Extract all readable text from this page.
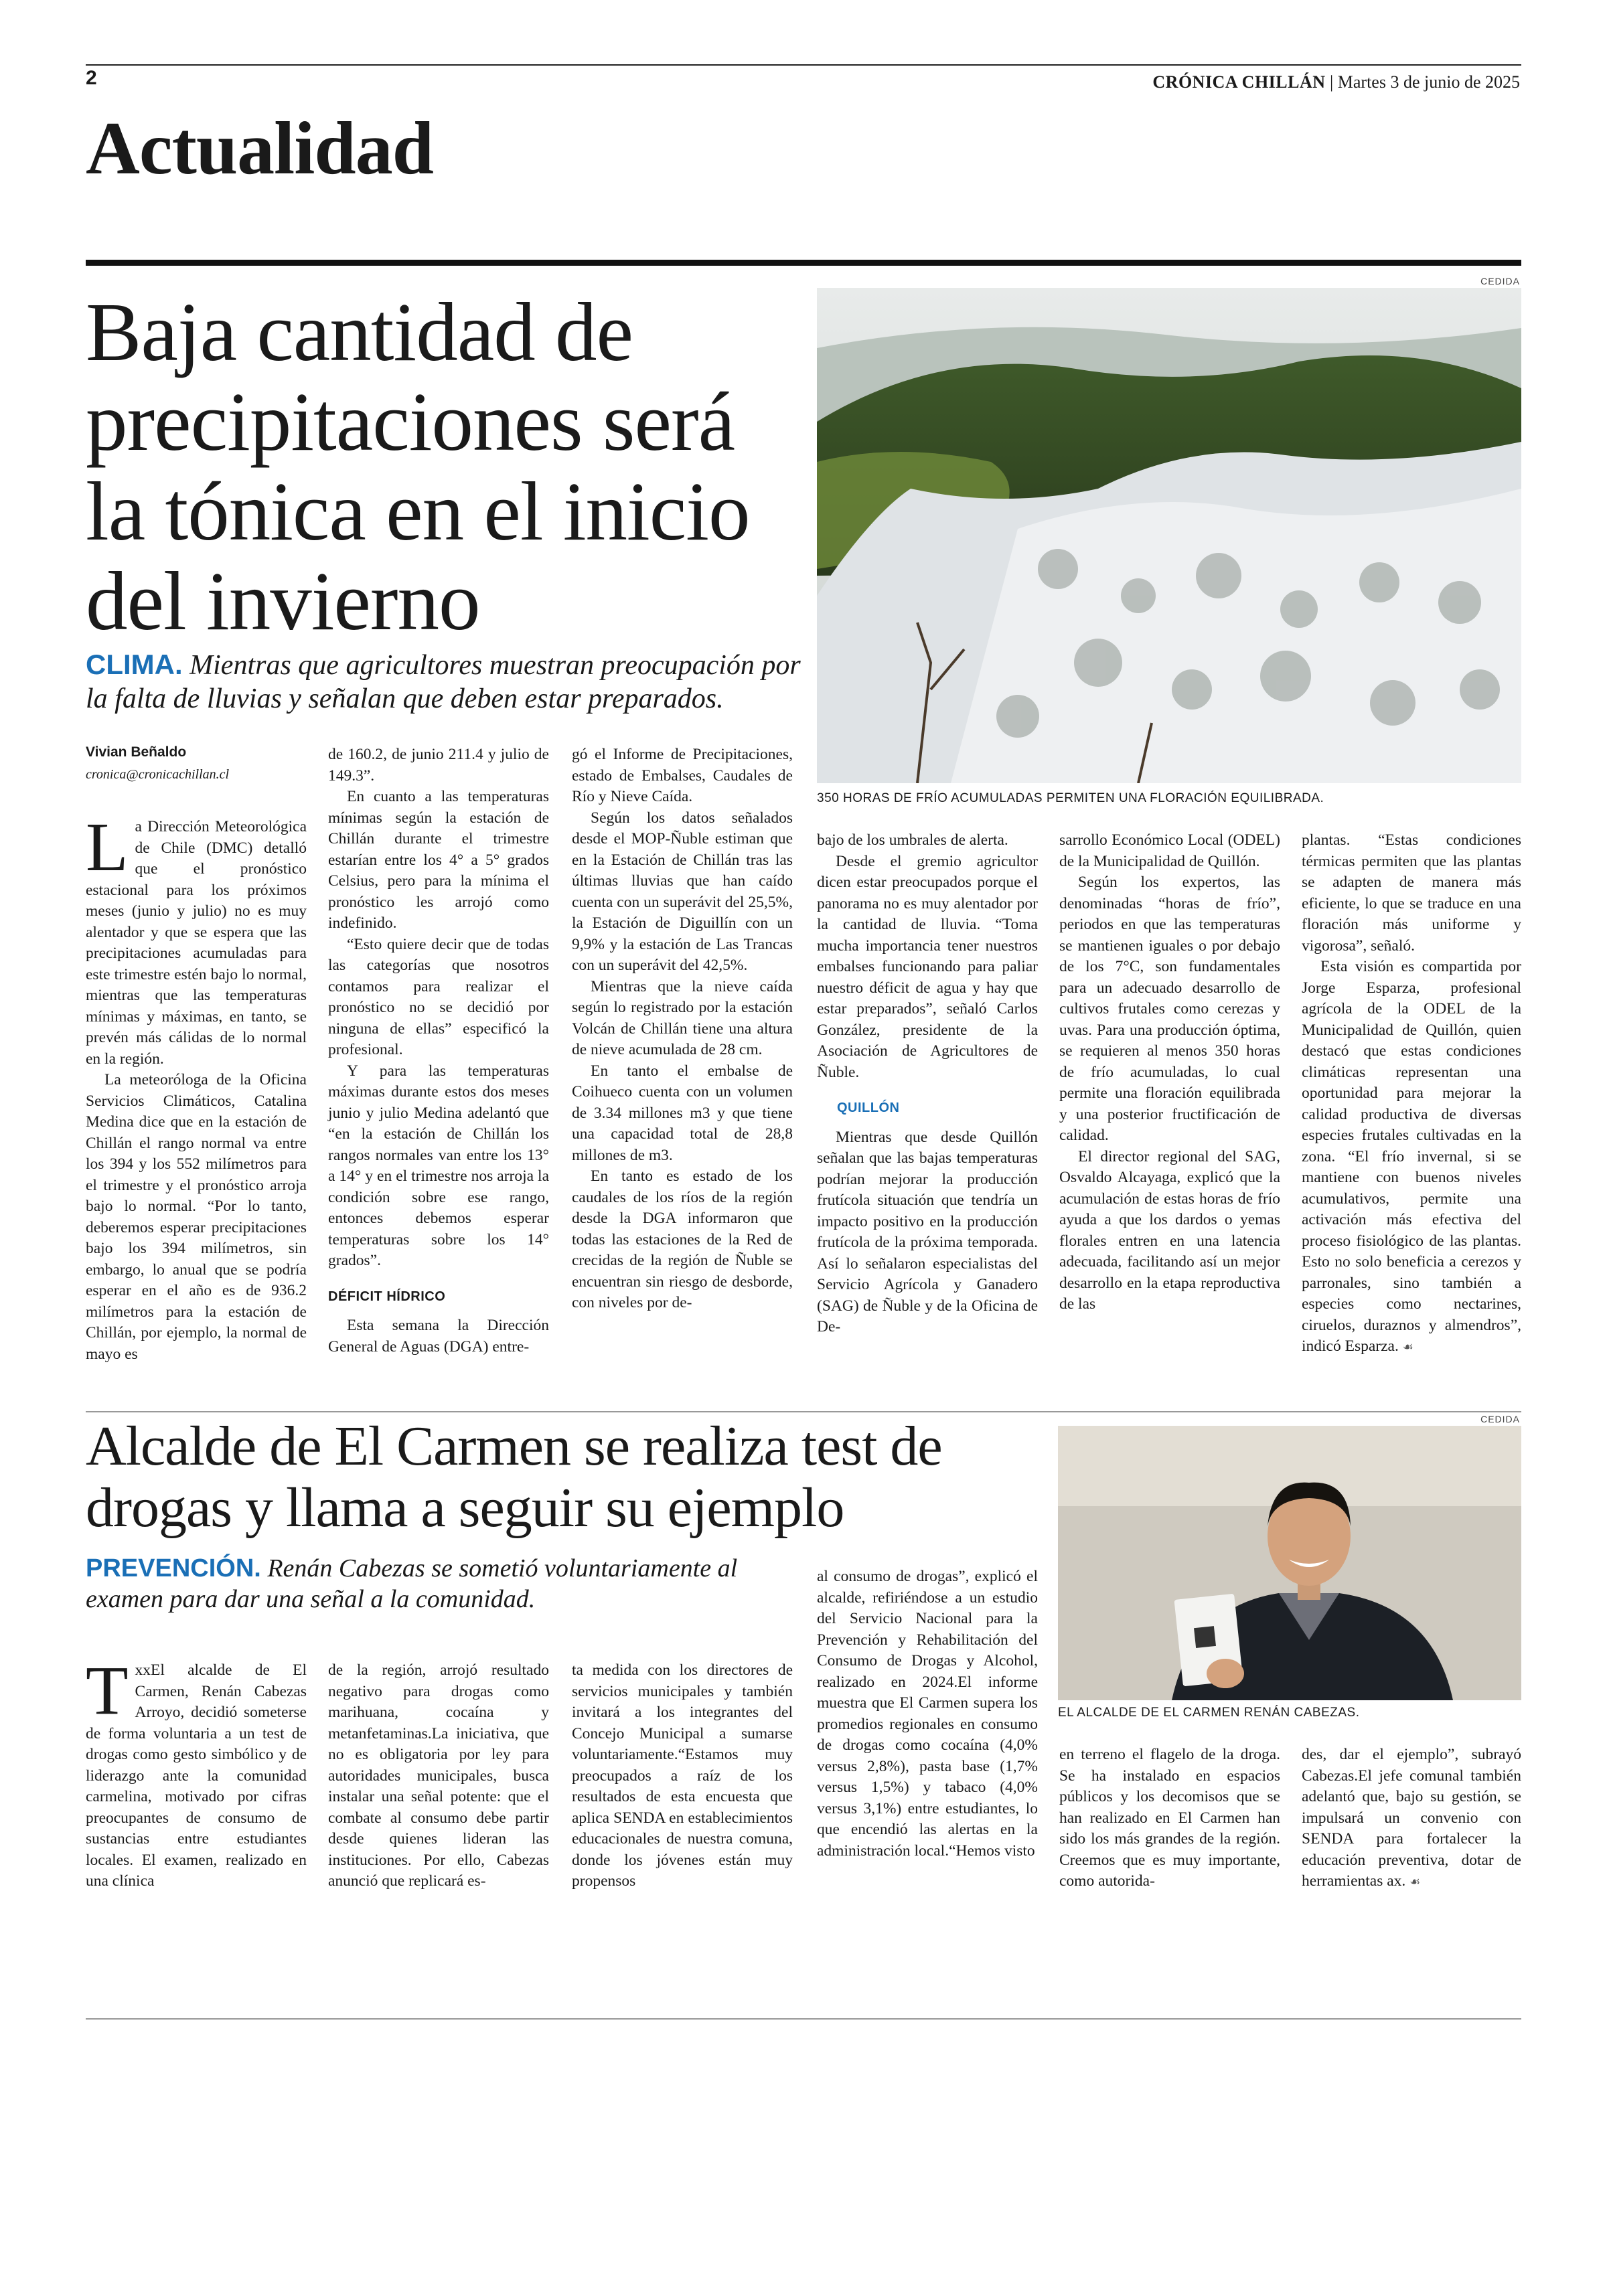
2	CRÓNICA CHILLÁN | Martes 3 de junio de 2025
Actualidad
Baja cantidad de precipitaciones será la tónica en el inicio del invierno
CLIMA. Mientras que agricultores muestran preocupación por la falta de lluvias y señalan que deben estar preparados.
CEDIDA
350 HORAS DE FRÍO ACUMULADAS PERMITEN UNA FLORACIÓN EQUILIBRADA.
Vivian Beñaldo
cronica@cronicachillan.cl

La Dirección Meteorológica de Chile (DMC) detalló que el pronóstico estacional para los próximos meses (junio y julio) no es muy alentador y que se espera que las precipitaciones acumuladas para este trimestre estén bajo lo normal, mientras que las temperaturas mínimas y máximas, en tanto, se prevén más cálidas de lo normal en la región.

La meteoróloga de la Oficina Servicios Climáticos, Catalina Medina dice que en la estación de Chillán el rango normal va entre los 394 y los 552 milímetros para el trimestre y el pronóstico arroja bajo lo normal. “Por lo tanto, deberemos esperar precipitaciones bajo los 394 milímetros, sin embargo, lo anual que se podría esperar en el año es de 936.2 milímetros para la estación de Chillán, por ejemplo, la normal de mayo es

de 160.2, de junio 211.4 y julio de 149.3”.

En cuanto a las temperaturas mínimas según la estación de Chillán durante el trimestre estarían entre los 4° a 5° grados Celsius, pero para la mínima el pronóstico les arrojó como indefinido.

“Esto quiere decir que de todas las categorías que nosotros contamos para realizar el pronóstico no se decidió por ninguna de ellas” especificó la profesional.

Y para las temperaturas máximas durante estos dos meses junio y julio Medina adelantó que “en la estación de Chillán los rangos normales van entre los 13° a 14° y en el trimestre nos arroja la condición sobre ese rango, entonces debemos esperar temperaturas sobre los 14° grados”.

DÉFICIT HÍDRICO

Esta semana la Dirección General de Aguas (DGA) entre-

gó el Informe de Precipitaciones, estado de Embalses, Caudales de Río y Nieve Caída.

Según los datos señalados desde el MOP-Ñuble estiman que en la Estación de Chillán tras las últimas lluvias que han caído cuenta con un superávit del 25,5%, la Estación de Diguillín con un 9,9% y la estación de Las Trancas con un superávit del 42,5%.

Mientras que la nieve caída según lo registrado por la estación Volcán de Chillán tiene una altura de nieve acumulada de 28 cm.

En tanto el embalse de Coihueco cuenta con un volumen de 3.34 millones m3 y que tiene una capacidad total de 28,8 millones de m3.

En tanto es estado de los caudales de los ríos de la región desde la DGA informaron que todas las estaciones de la Red de crecidas de la región de Ñuble se encuentran sin riesgo de desborde, con niveles por de-

bajo de los umbrales de alerta.

Desde el gremio agricultor dicen estar preocupados porque el panorama no es muy alentador por la cantidad de lluvia. “Toma mucha importancia tener nuestros embalses funcionando para paliar nuestro déficit de agua y hay que estar preparados”, señaló Carlos González, presidente de la Asociación de Agricultores de Ñuble.

QUILLÓN

Mientras que desde Quillón señalan que las bajas temperaturas podrían mejorar la producción frutícola situación que tendría un impacto positivo en la producción frutícola de la próxima temporada. Así lo señalaron especialistas del Servicio Agrícola y Ganadero (SAG) de Ñuble y de la Oficina de De-

sarrollo Económico Local (ODEL) de la Municipalidad de Quillón.

Según los expertos, las denominadas “horas de frío”, periodos en que las temperaturas se mantienen iguales o por debajo de los 7°C, son fundamentales para un adecuado desarrollo de cultivos frutales como cerezas y uvas. Para una producción óptima, se requieren al menos 350 horas de frío acumuladas, lo cual permite una floración equilibrada y una posterior fructificación de calidad.

El director regional del SAG, Osvaldo Alcayaga, explicó que la acumulación de estas horas de frío ayuda a que los dardos o yemas florales entren en una latencia adecuada, facilitando así un mejor desarrollo en la etapa reproductiva de las

plantas. “Estas condiciones térmicas permiten que las plantas se adapten de manera más eficiente, lo que se traduce en una floración más uniforme y vigorosa”, señaló.

Esta visión es compartida por Jorge Esparza, profesional agrícola de la ODEL de la Municipalidad de Quillón, quien destacó que estas condiciones climáticas representan una oportunidad para mejorar la calidad productiva de diversas especies frutales cultivadas en la zona. “El frío invernal, si se mantiene con buenos niveles acumulativos, permite una activación más efectiva del proceso fisiológico de las plantas. Esto no solo beneficia a cerezos y parronales, sino también a especies como nectarines, ciruelos, duraznos y almendros”, indicó Esparza. ☙

Alcalde de El Carmen se realiza test de drogas y llama a seguir su ejemplo
PREVENCIÓN. Renán Cabezas se sometió voluntariamente al examen para dar una señal a la comunidad.
CEDIDA
EL ALCALDE DE EL CARMEN RENÁN CABEZAS.

TxxEl alcalde de El Carmen, Renán Cabezas Arroyo, decidió someterse de forma voluntaria a un test de drogas como gesto simbólico y de liderazgo ante la comunidad carmelina, motivado por cifras preocupantes de consumo de sustancias entre estudiantes locales. El examen, realizado en una clínica

de la región, arrojó resultado negativo para drogas como marihuana, cocaína y metanfetaminas.La iniciativa, que no es obligatoria por ley para autoridades municipales, busca instalar una señal potente: que el combate al consumo debe partir desde quienes lideran las instituciones. Por ello, Cabezas anunció que replicará es-

ta medida con los directores de servicios municipales y también invitará a los integrantes del Concejo Municipal a sumarse voluntariamente.“Estamos muy preocupados a raíz de los resultados de esta encuesta que aplica SENDA en establecimientos educacionales de nuestra comuna, donde los jóvenes están muy propensos

al consumo de drogas”, explicó el alcalde, refiriéndose a un estudio del Servicio Nacional para la Prevención y Rehabilitación del Consumo de Drogas y Alcohol, realizado en 2024.El informe muestra que El Carmen supera los promedios regionales en consumo de drogas como cocaína (4,0% versus 2,8%), pasta base (1,7% versus 1,5%) y tabaco (4,0% versus 3,1%) entre estudiantes, lo que encendió las alertas en la administración local.“Hemos visto

en terreno el flagelo de la droga. Se ha instalado en espacios públicos y los decomisos que se han realizado en El Carmen han sido los más grandes de la región. Creemos que es muy importante, como autorida-

des, dar el ejemplo”, subrayó Cabezas.El jefe comunal también adelantó que, bajo su gestión, se impulsará un convenio con SENDA para fortalecer la educación preventiva, dotar de herramientas ax. ☙
